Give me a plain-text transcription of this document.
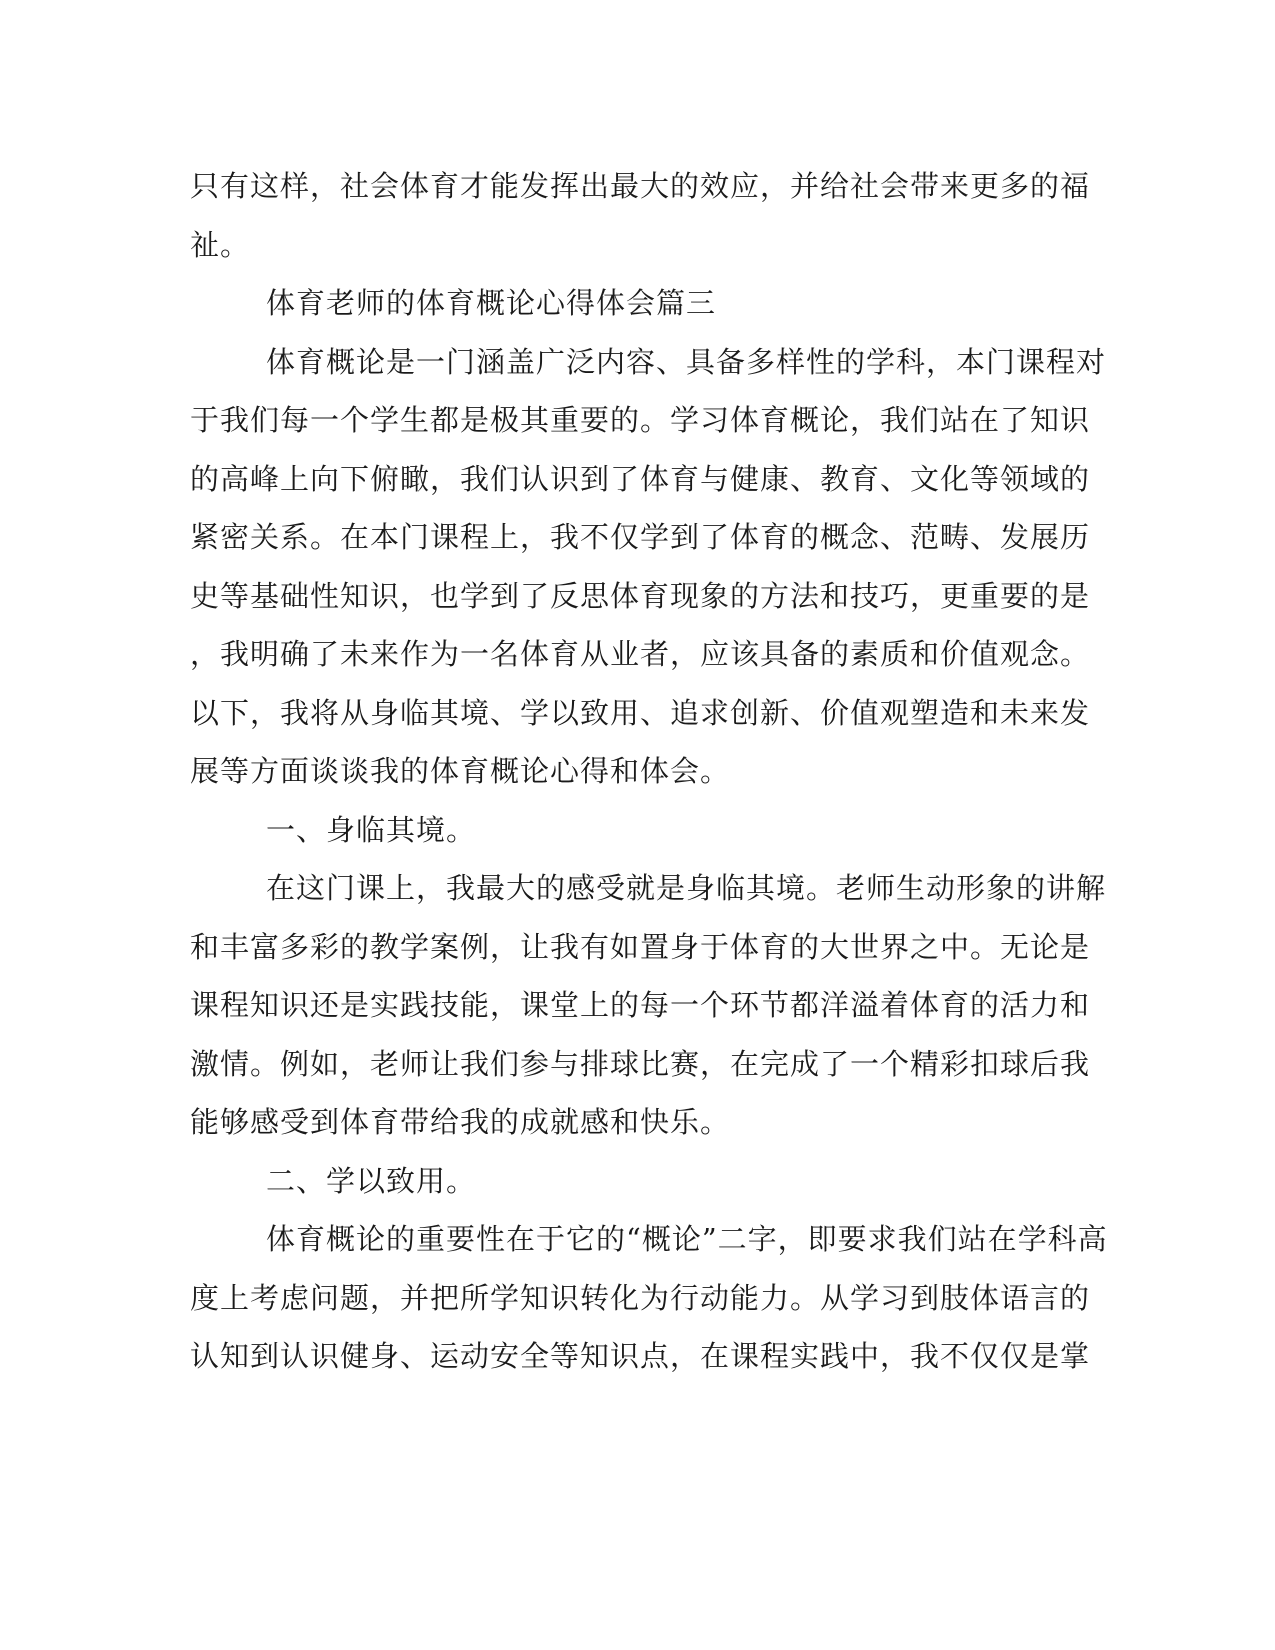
只有这样，社会体育才能发挥出最大的效应，并给社会带来更多的福
祉。
体育老师的体育概论心得体会篇三
体育概论是一门涵盖广泛内容、具备多样性的学科，本门课程对
于我们每一个学生都是极其重要的。学习体育概论，我们站在了知识
的高峰上向下俯瞰，我们认识到了体育与健康、教育、文化等领域的
紧密关系。在本门课程上，我不仅学到了体育的概念、范畴、发展历
史等基础性知识，也学到了反思体育现象的方法和技巧，更重要的是
，我明确了未来作为一名体育从业者，应该具备的素质和价值观念。
以下，我将从身临其境、学以致用、追求创新、价值观塑造和未来发
展等方面谈谈我的体育概论心得和体会。
一、身临其境。
在这门课上，我最大的感受就是身临其境。老师生动形象的讲解
和丰富多彩的教学案例，让我有如置身于体育的大世界之中。无论是
课程知识还是实践技能，课堂上的每一个环节都洋溢着体育的活力和
激情。例如，老师让我们参与排球比赛，在完成了一个精彩扣球后我
能够感受到体育带给我的成就感和快乐。
二、学以致用。
体育概论的重要性在于它的“概论”二字，即要求我们站在学科高
度上考虑问题，并把所学知识转化为行动能力。从学习到肢体语言的
认知到认识健身、运动安全等知识点，在课程实践中，我不仅仅是掌
